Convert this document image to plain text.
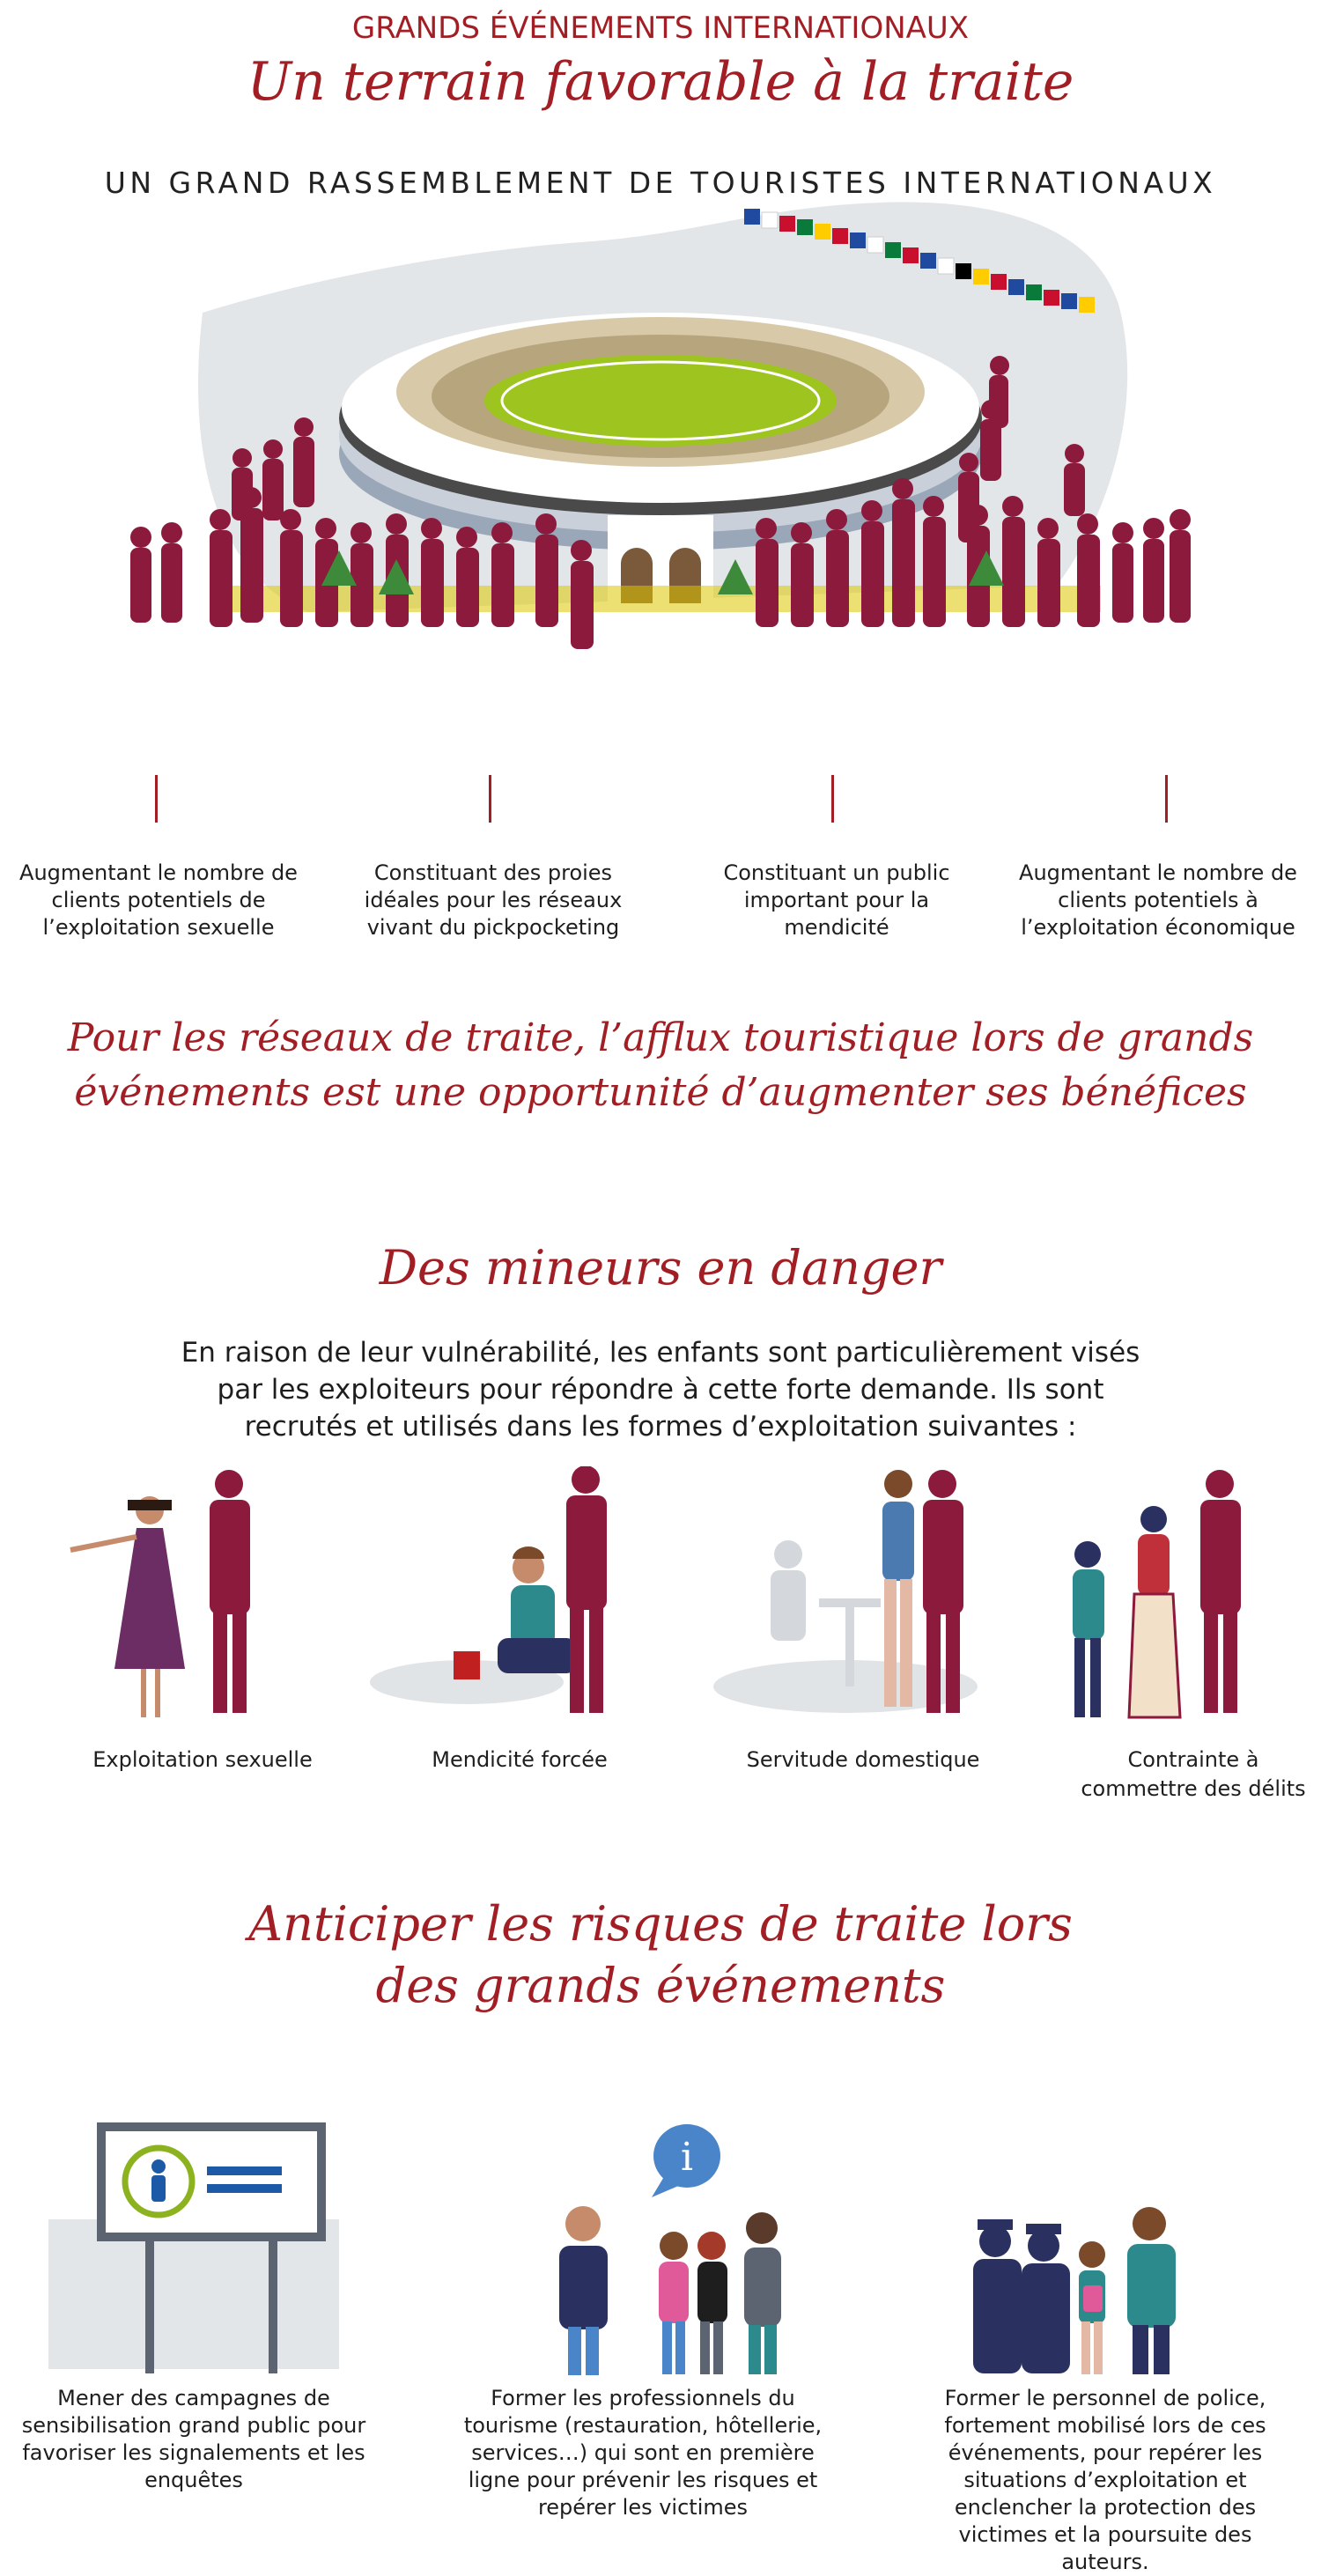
GRANDS ÉVÉNEMENTS INTERNATIONAUX
Un terrain favorable à la traite
UN GRAND RASSEMBLEMENT DE TOURISTES INTERNATIONAUX
Augmentant le nombre de clients potentiels de l’exploitation sexuelle
Constituant des proies idéales pour les réseaux vivant du pickpocketing
Constituant un public important pour la mendicité
Augmentant le nombre de clients potentiels à l’exploitation économique
Pour les réseaux de traite, l’afflux touristique lors de grands
événements est une opportunité d’augmenter ses bénéfices
Des mineurs en danger
En raison de leur vulnérabilité, les enfants sont particulièrement visés
par les exploiteurs pour répondre à cette forte demande. Ils sont
recrutés et utilisés dans les formes d’exploitation suivantes :
Exploitation sexuelle	Mendicité forcée	Servitude domestique	Contrainte à commettre des délits
Anticiper les risques de traite lors
des grands événements
i
Mener des campagnes de sensibilisation grand public pour favoriser les signalements et les enquêtes
Former les professionnels du tourisme (restauration, hôtellerie, services…) qui sont en première ligne pour prévenir les risques et repérer les victimes
Former le personnel de police, fortement mobilisé lors de ces événements, pour repérer les situations d’exploitation et enclencher la protection des victimes et la poursuite des auteurs.
